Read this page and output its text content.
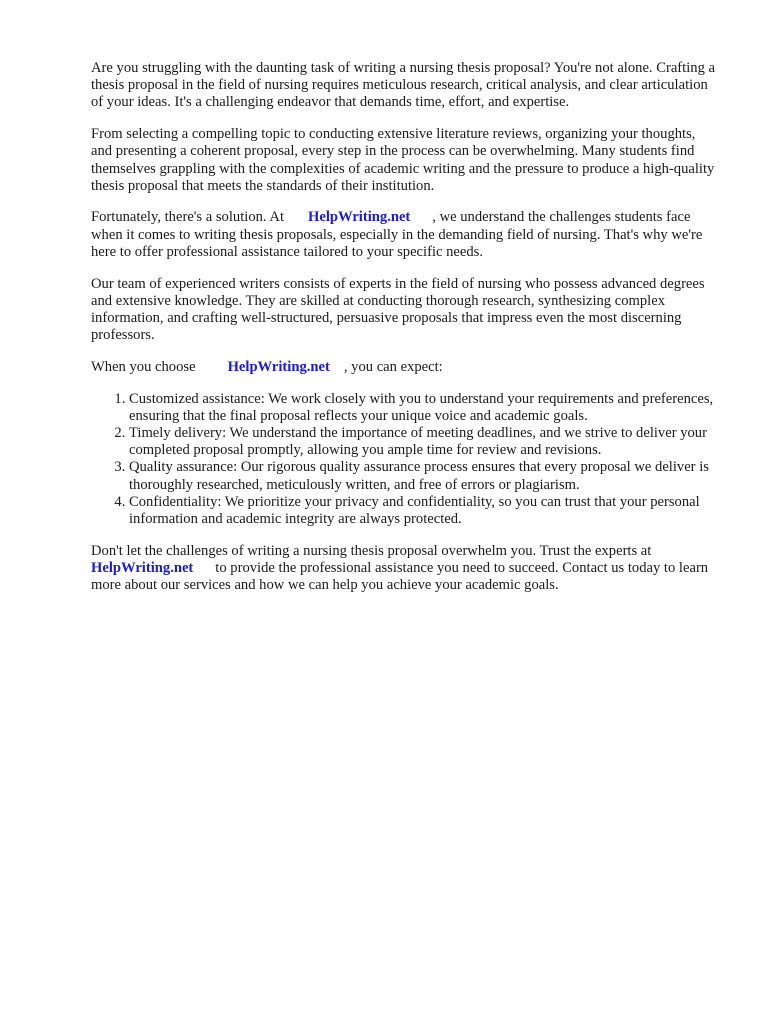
Are you struggling with the daunting task of writing a nursing thesis proposal? You're not alone. Crafting a thesis proposal in the field of nursing requires meticulous research, critical analysis, and clear articulation of your ideas. It's a challenging endeavor that demands time, effort, and expertise.

From selecting a compelling topic to conducting extensive literature reviews, organizing your thoughts, and presenting a coherent proposal, every step in the process can be overwhelming. Many students find themselves grappling with the complexities of academic writing and the pressure to produce a high-quality thesis proposal that meets the standards of their institution.

Fortunately, there's a solution. At HelpWriting.net , we understand the challenges students face when it comes to writing thesis proposals, especially in the demanding field of nursing. That's why we're here to offer professional assistance tailored to your specific needs.

Our team of experienced writers consists of experts in the field of nursing who possess advanced degrees and extensive knowledge. They are skilled at conducting thorough research, synthesizing complex information, and crafting well-structured, persuasive proposals that impress even the most discerning professors.

When you choose HelpWriting.net , you can expect:

1. Customized assistance: We work closely with you to understand your requirements and preferences, ensuring that the final proposal reflects your unique voice and academic goals.
2. Timely delivery: We understand the importance of meeting deadlines, and we strive to deliver your completed proposal promptly, allowing you ample time for review and revisions.
3. Quality assurance: Our rigorous quality assurance process ensures that every proposal we deliver is thoroughly researched, meticulously written, and free of errors or plagiarism.
4. Confidentiality: We prioritize your privacy and confidentiality, so you can trust that your personal information and academic integrity are always protected.

Don't let the challenges of writing a nursing thesis proposal overwhelm you. Trust the experts at HelpWriting.net to provide the professional assistance you need to succeed. Contact us today to learn more about our services and how we can help you achieve your academic goals.
